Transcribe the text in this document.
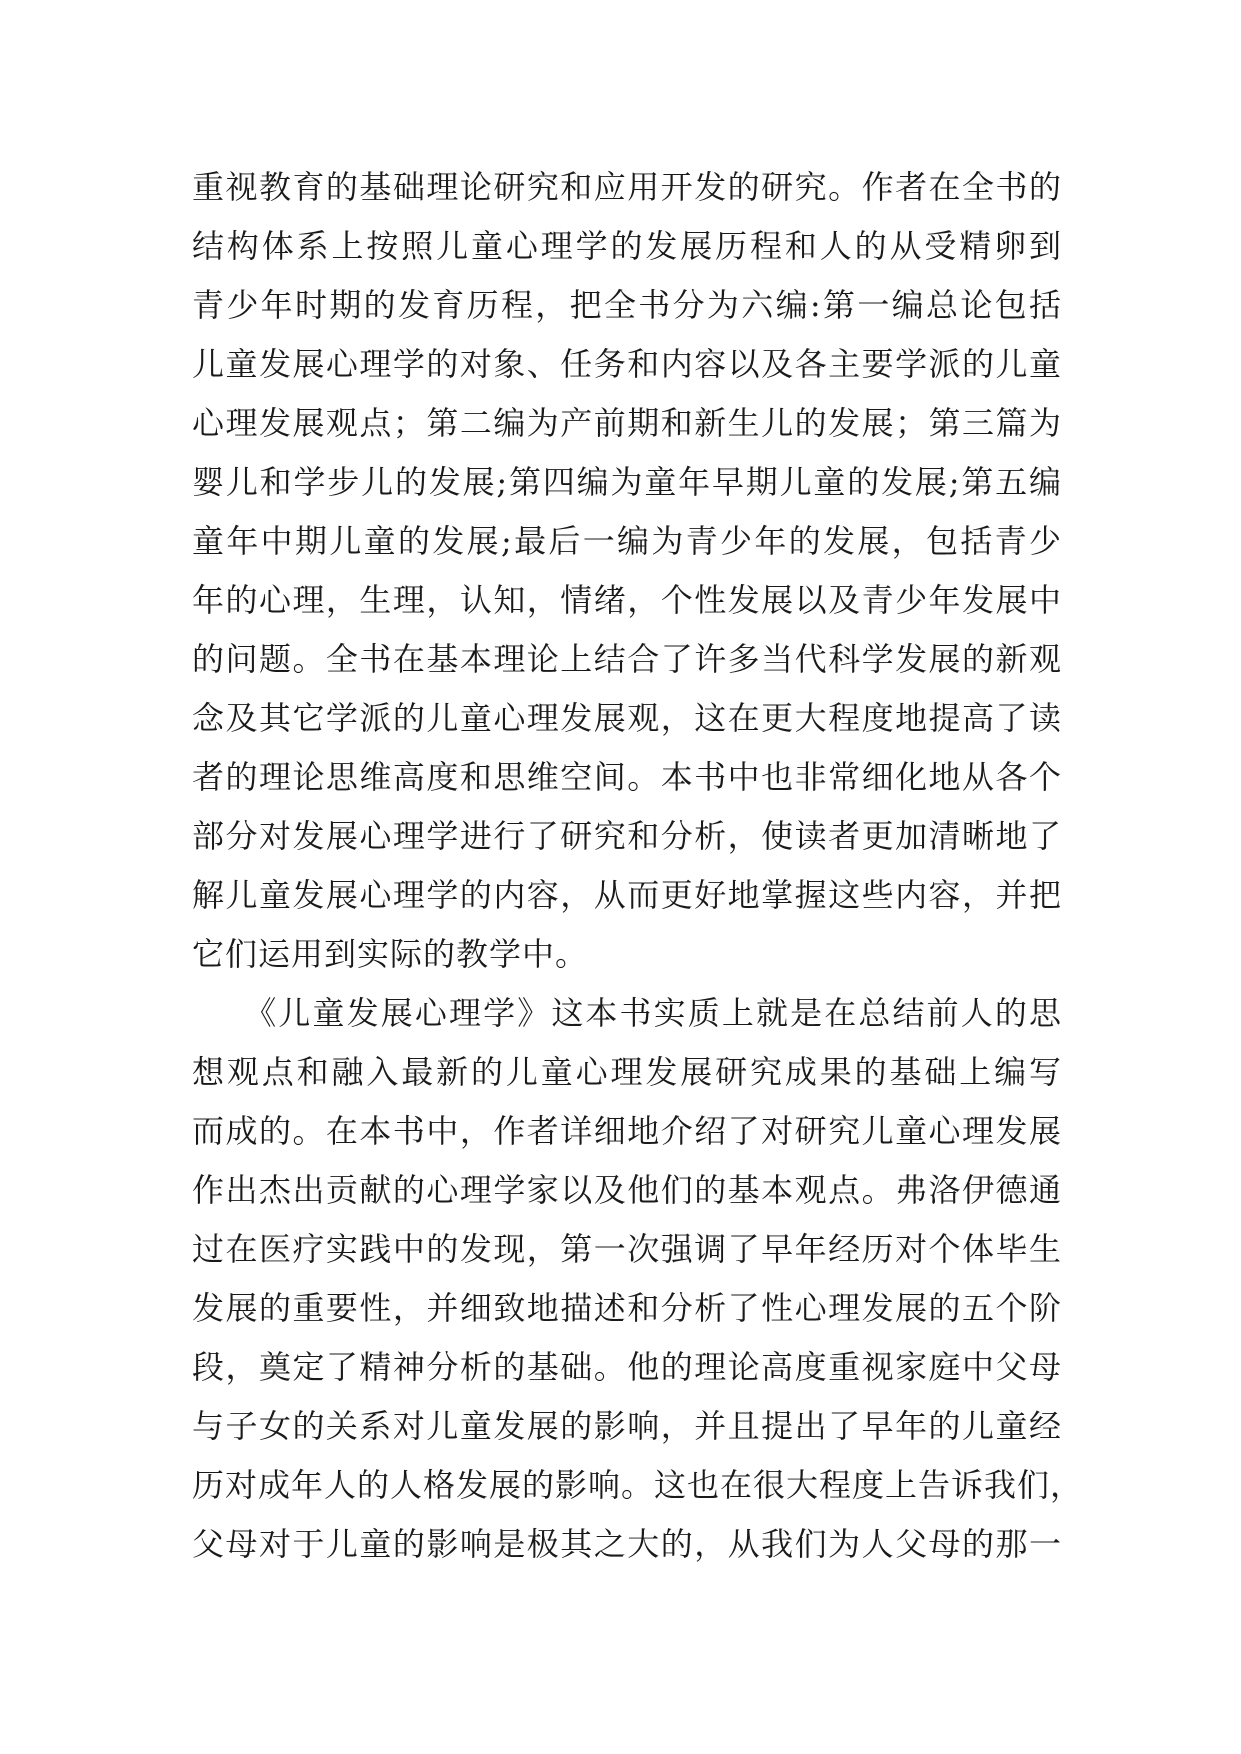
重视教育的基础理论研究和应用开发的研究。作者在全书的
结构体系上按照儿童心理学的发展历程和人的从受精卵到
青少年时期的发育历程，把全书分为六编:第一编总论包括
儿童发展心理学的对象、任务和内容以及各主要学派的儿童
心理发展观点；第二编为产前期和新生儿的发展；第三篇为
婴儿和学步儿的发展;第四编为童年早期儿童的发展;第五编
童年中期儿童的发展;最后一编为青少年的发展，包括青少
年的心理，生理，认知，情绪，个性发展以及青少年发展中
的问题。全书在基本理论上结合了许多当代科学发展的新观
念及其它学派的儿童心理发展观，这在更大程度地提高了读
者的理论思维高度和思维空间。本书中也非常细化地从各个
部分对发展心理学进行了研究和分析，使读者更加清晰地了
解儿童发展心理学的内容，从而更好地掌握这些内容，并把
它们运用到实际的教学中。
　　《儿童发展心理学》这本书实质上就是在总结前人的思
想观点和融入最新的儿童心理发展研究成果的基础上编写
而成的。在本书中，作者详细地介绍了对研究儿童心理发展
作出杰出贡献的心理学家以及他们的基本观点。弗洛伊德通
过在医疗实践中的发现，第一次强调了早年经历对个体毕生
发展的重要性，并细致地描述和分析了性心理发展的五个阶
段，奠定了精神分析的基础。他的理论高度重视家庭中父母
与子女的关系对儿童发展的影响，并且提出了早年的儿童经
历对成年人的人格发展的影响。这也在很大程度上告诉我们，
父母对于儿童的影响是极其之大的，从我们为人父母的那一
